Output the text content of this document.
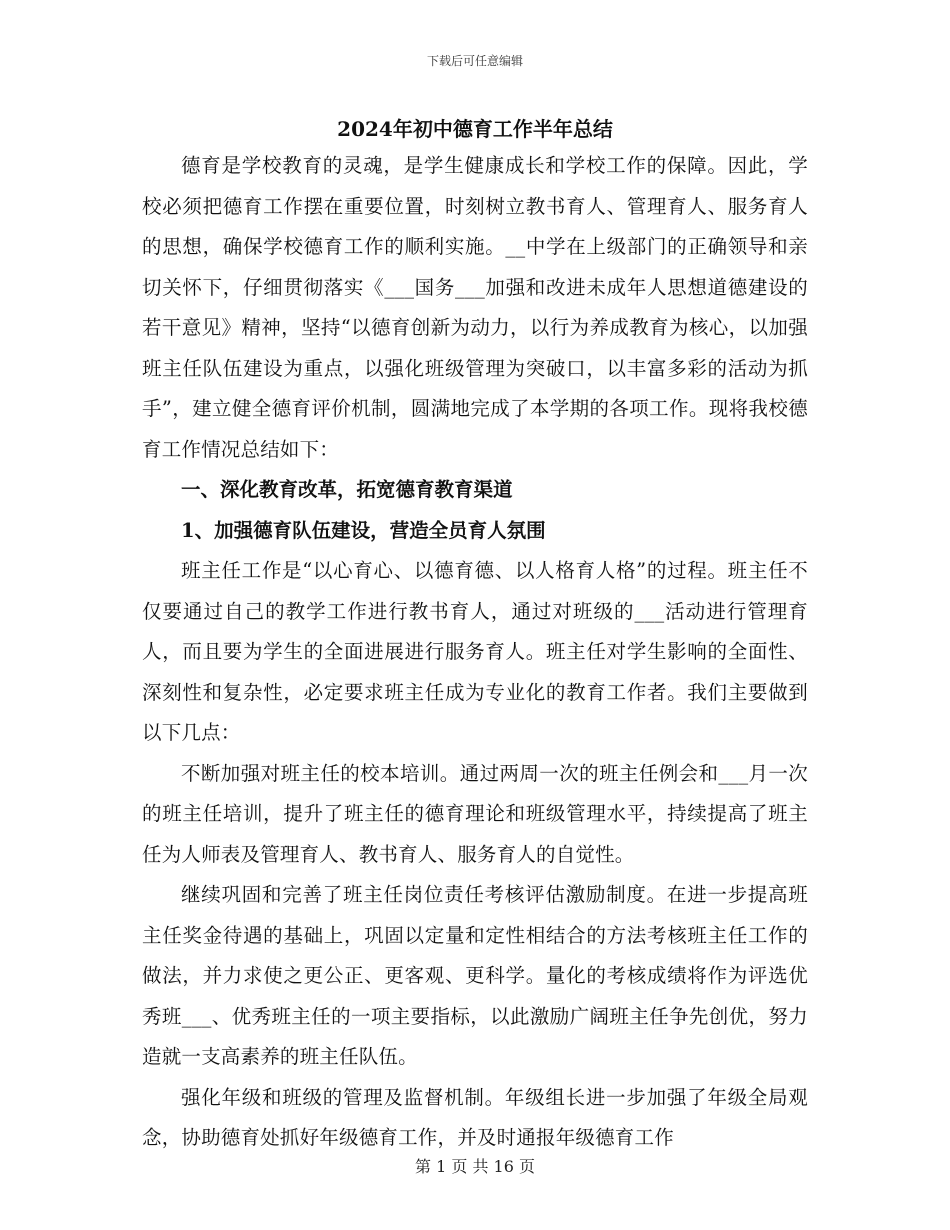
下载后可任意编辑
2024年初中德育工作半年总结

德育是学校教育的灵魂，是学生健康成长和学校工作的保障。因此，学校必须把德育工作摆在重要位置，时刻树立教书育人、管理育人、服务育人的思想，确保学校德育工作的顺利实施。__中学在上级部门的正确领导和亲切关怀下，仔细贯彻落实《___国务___加强和改进未成年人思想道德建设的若干意见》精神，坚持“以德育创新为动力，以行为养成教育为核心，以加强班主任队伍建设为重点，以强化班级管理为突破口，以丰富多彩的活动为抓手”，建立健全德育评价机制，圆满地完成了本学期的各项工作。现将我校德育工作情况总结如下：

一、深化教育改革，拓宽德育教育渠道

1、加强德育队伍建设，营造全员育人氛围

班主任工作是“以心育心、以德育德、以人格育人格”的过程。班主任不仅要通过自己的教学工作进行教书育人，通过对班级的___活动进行管理育人，而且要为学生的全面进展进行服务育人。班主任对学生影响的全面性、深刻性和复杂性，必定要求班主任成为专业化的教育工作者。我们主要做到以下几点：

不断加强对班主任的校本培训。通过两周一次的班主任例会和___月一次的班主任培训，提升了班主任的德育理论和班级管理水平，持续提高了班主任为人师表及管理育人、教书育人、服务育人的自觉性。

继续巩固和完善了班主任岗位责任考核评估激励制度。在进一步提高班主任奖金待遇的基础上，巩固以定量和定性相结合的方法考核班主任工作的做法，并力求使之更公正、更客观、更科学。量化的考核成绩将作为评选优秀班___、优秀班主任的一项主要指标，以此激励广阔班主任争先创优，努力造就一支高素养的班主任队伍。

强化年级和班级的管理及监督机制。年级组长进一步加强了年级全局观念，协助德育处抓好年级德育工作，并及时通报年级德育工作

第 1 页 共 16 页
